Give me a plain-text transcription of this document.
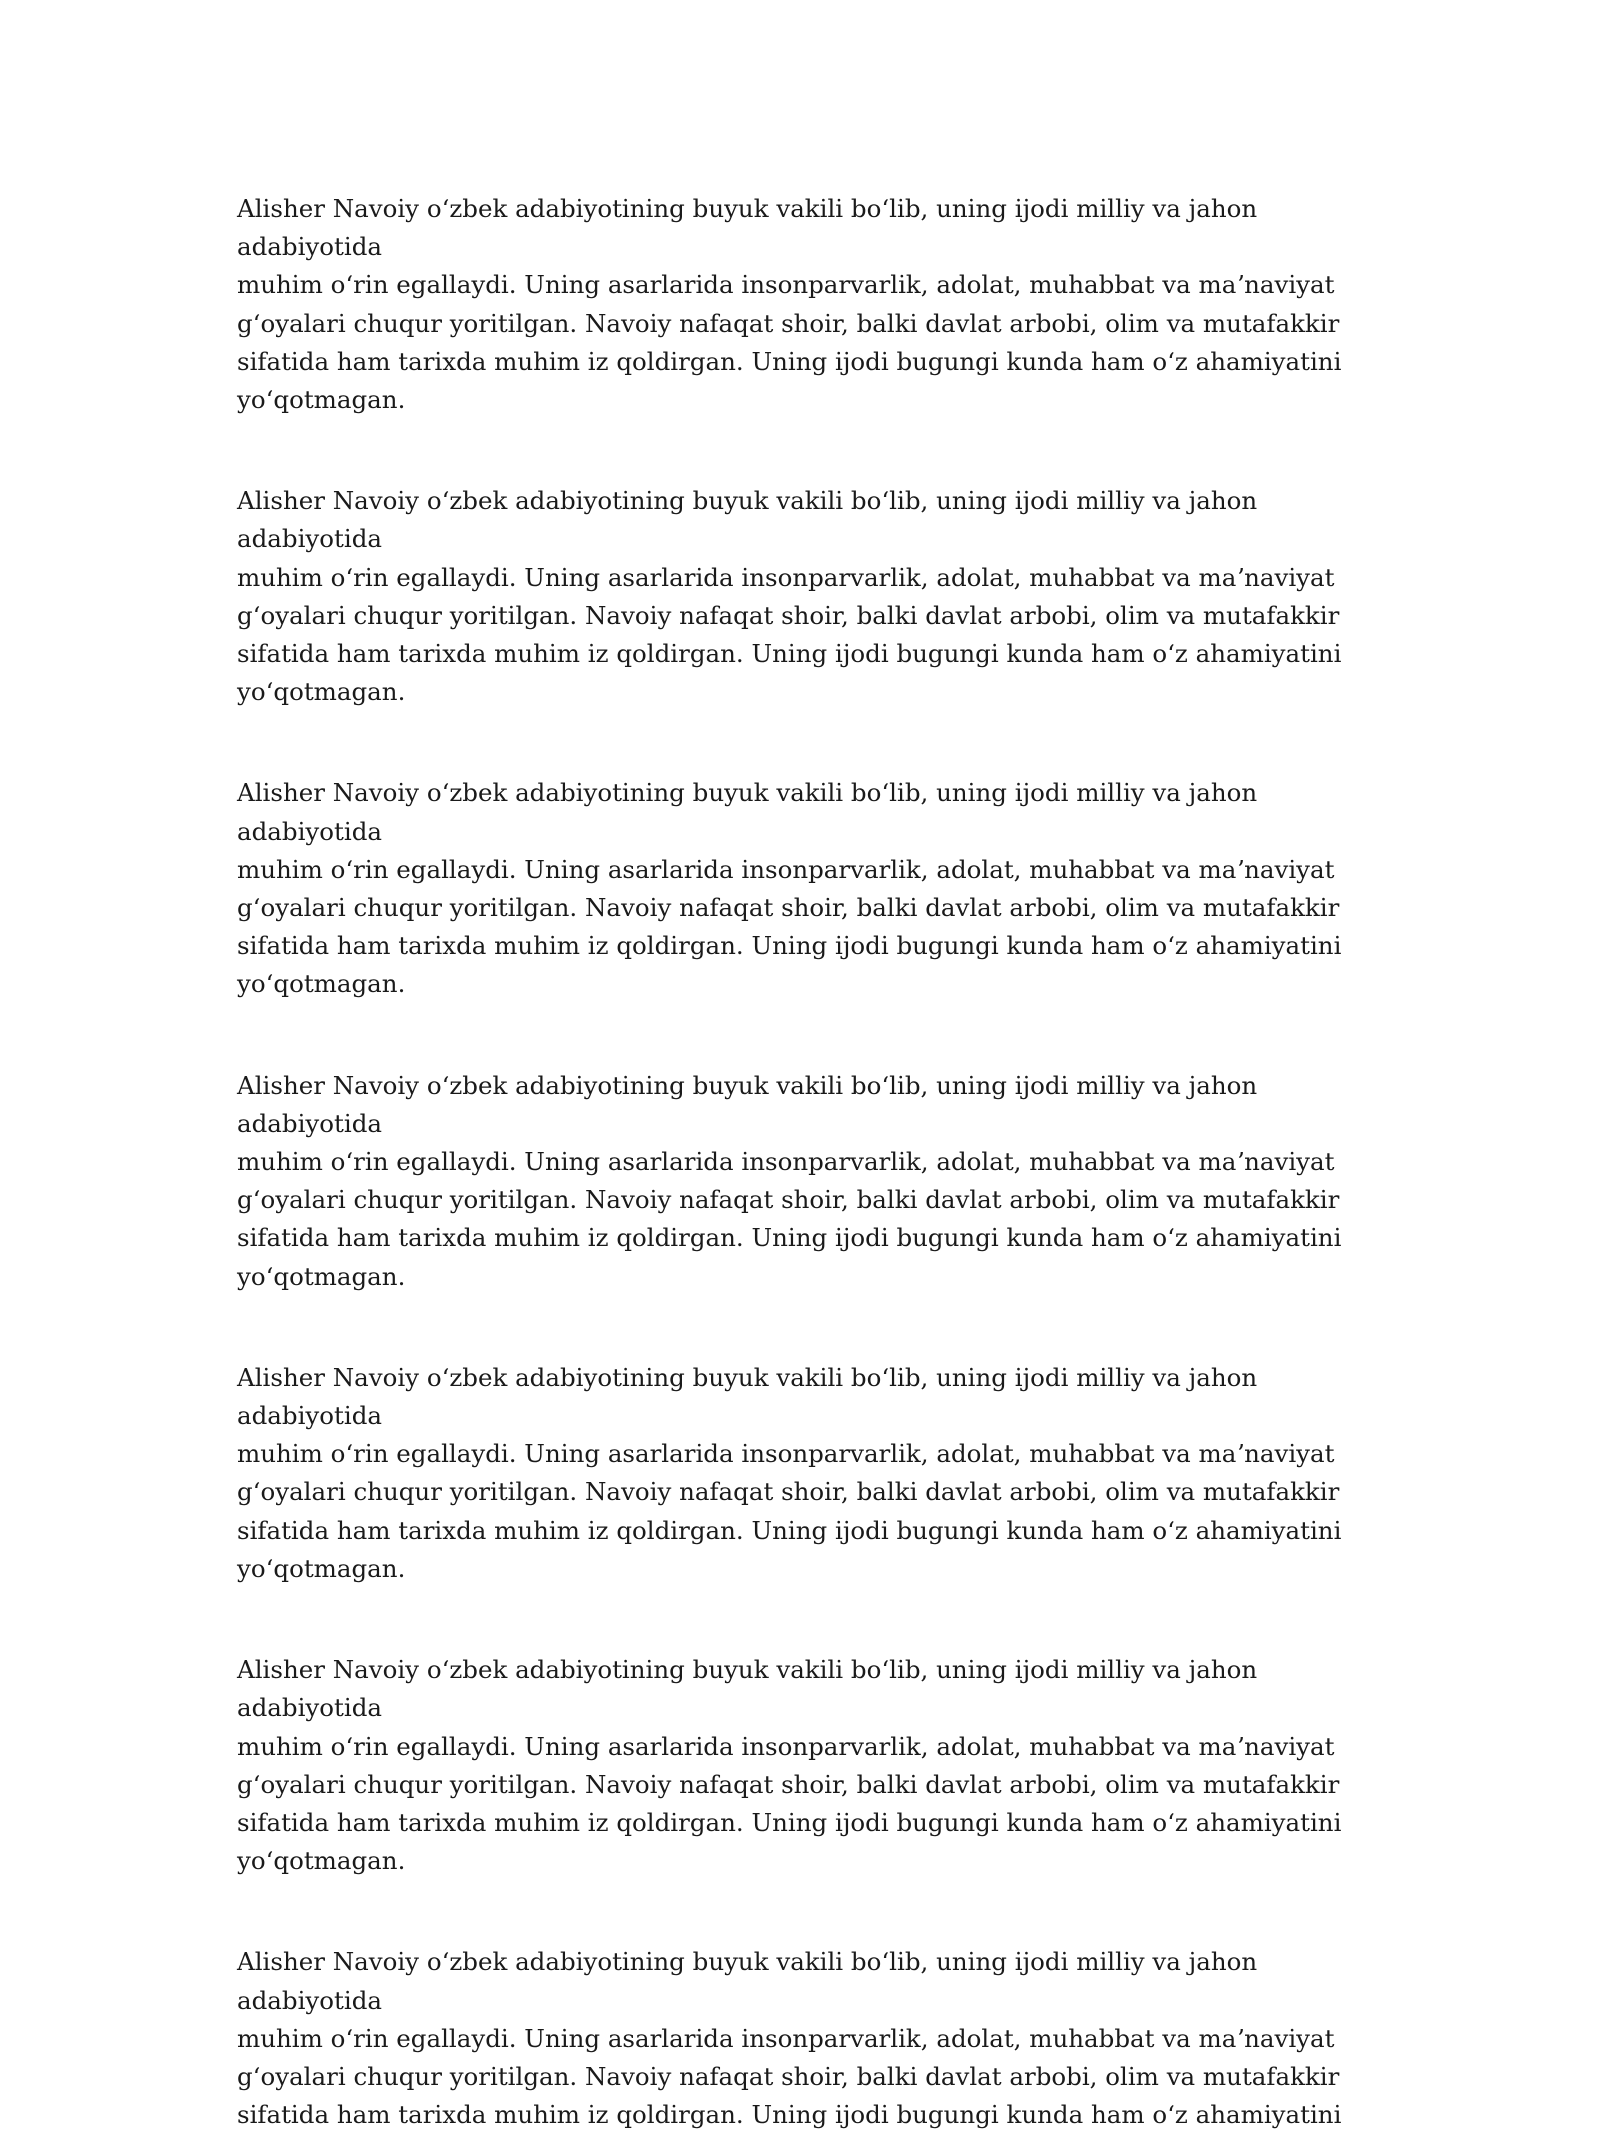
Alisher Navoiy oʻzbek adabiyotining buyuk vakili boʻlib, uning ijodi milliy va jahon adabiyotida
muhim oʻrin egallaydi. Uning asarlarida insonparvarlik, adolat, muhabbat va maʼnaviyat
gʻoyalari chuqur yoritilgan. Navoiy nafaqat shoir, balki davlat arbobi, olim va mutafakkir
sifatida ham tarixda muhim iz qoldirgan. Uning ijodi bugungi kunda ham oʻz ahamiyatini
yoʻqotmagan.

Alisher Navoiy oʻzbek adabiyotining buyuk vakili boʻlib, uning ijodi milliy va jahon adabiyotida
muhim oʻrin egallaydi. Uning asarlarida insonparvarlik, adolat, muhabbat va maʼnaviyat
gʻoyalari chuqur yoritilgan. Navoiy nafaqat shoir, balki davlat arbobi, olim va mutafakkir
sifatida ham tarixda muhim iz qoldirgan. Uning ijodi bugungi kunda ham oʻz ahamiyatini
yoʻqotmagan.

Alisher Navoiy oʻzbek adabiyotining buyuk vakili boʻlib, uning ijodi milliy va jahon adabiyotida
muhim oʻrin egallaydi. Uning asarlarida insonparvarlik, adolat, muhabbat va maʼnaviyat
gʻoyalari chuqur yoritilgan. Navoiy nafaqat shoir, balki davlat arbobi, olim va mutafakkir
sifatida ham tarixda muhim iz qoldirgan. Uning ijodi bugungi kunda ham oʻz ahamiyatini
yoʻqotmagan.

Alisher Navoiy oʻzbek adabiyotining buyuk vakili boʻlib, uning ijodi milliy va jahon adabiyotida
muhim oʻrin egallaydi. Uning asarlarida insonparvarlik, adolat, muhabbat va maʼnaviyat
gʻoyalari chuqur yoritilgan. Navoiy nafaqat shoir, balki davlat arbobi, olim va mutafakkir
sifatida ham tarixda muhim iz qoldirgan. Uning ijodi bugungi kunda ham oʻz ahamiyatini
yoʻqotmagan.

Alisher Navoiy oʻzbek adabiyotining buyuk vakili boʻlib, uning ijodi milliy va jahon adabiyotida
muhim oʻrin egallaydi. Uning asarlarida insonparvarlik, adolat, muhabbat va maʼnaviyat
gʻoyalari chuqur yoritilgan. Navoiy nafaqat shoir, balki davlat arbobi, olim va mutafakkir
sifatida ham tarixda muhim iz qoldirgan. Uning ijodi bugungi kunda ham oʻz ahamiyatini
yoʻqotmagan.

Alisher Navoiy oʻzbek adabiyotining buyuk vakili boʻlib, uning ijodi milliy va jahon adabiyotida
muhim oʻrin egallaydi. Uning asarlarida insonparvarlik, adolat, muhabbat va maʼnaviyat
gʻoyalari chuqur yoritilgan. Navoiy nafaqat shoir, balki davlat arbobi, olim va mutafakkir
sifatida ham tarixda muhim iz qoldirgan. Uning ijodi bugungi kunda ham oʻz ahamiyatini
yoʻqotmagan.

Alisher Navoiy oʻzbek adabiyotining buyuk vakili boʻlib, uning ijodi milliy va jahon adabiyotida
muhim oʻrin egallaydi. Uning asarlarida insonparvarlik, adolat, muhabbat va maʼnaviyat
gʻoyalari chuqur yoritilgan. Navoiy nafaqat shoir, balki davlat arbobi, olim va mutafakkir
sifatida ham tarixda muhim iz qoldirgan. Uning ijodi bugungi kunda ham oʻz ahamiyatini
